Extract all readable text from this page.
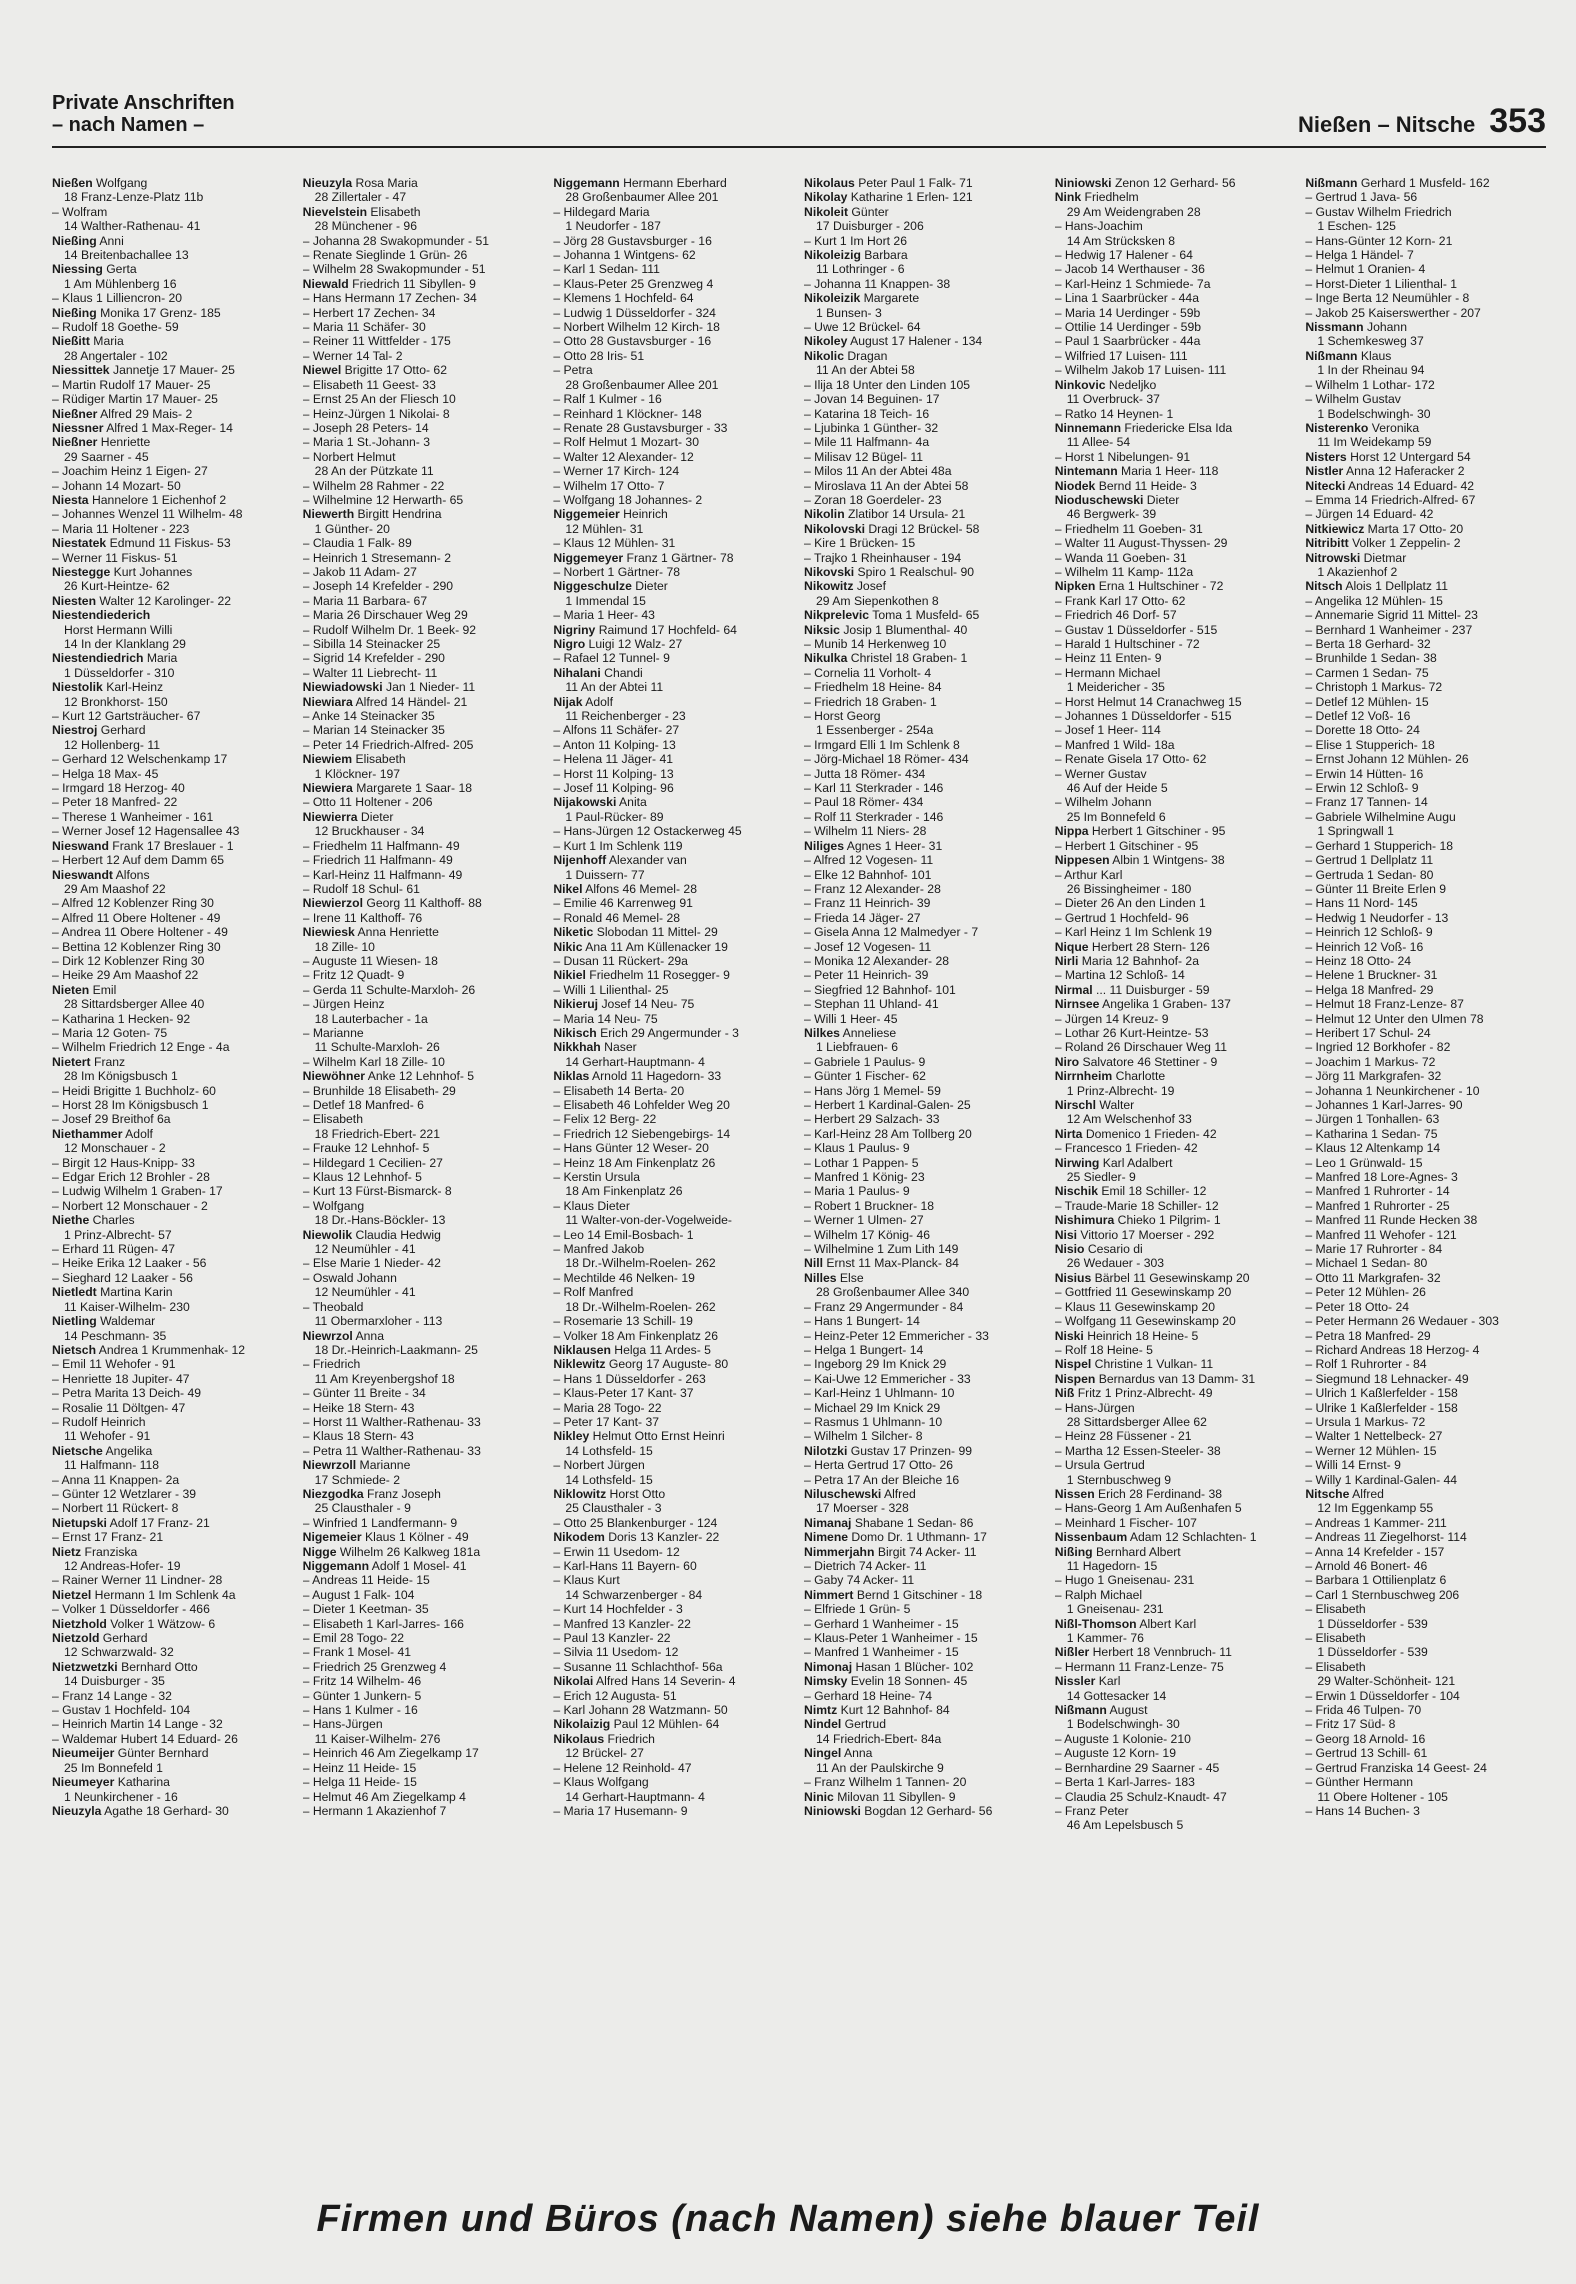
Private Anschriften
– nach Namen –	Nießen – Nitsche 353
Nießen Wolfgang
18 Franz-Lenze-Platz 11b
– Wolfram
14 Walther-Rathenau- 41
Nießing Anni
14 Breitenbachallee 13
Niessing Gerta
1 Am Mühlenberg 16
– Klaus 1 Lilliencron- 20
Nießing Monika 17 Grenz- 185
– Rudolf 18 Goethe- 59
Nießitt Maria
28 Angertaler - 102
Niessittek Jannetje 17 Mauer- 25
– Martin Rudolf 17 Mauer- 25
– Rüdiger Martin 17 Mauer- 25
Nießner Alfred 29 Mais- 2
Niessner Alfred 1 Max-Reger- 14
Nießner Henriette
29 Saarner - 45
– Joachim Heinz 1 Eigen- 27
– Johann 14 Mozart- 50
Niesta Hannelore 1 Eichenhof 2
– Johannes Wenzel 11 Wilhelm- 48
– Maria 11 Holtener - 223
Niestatek Edmund 11 Fiskus- 53
– Werner 11 Fiskus- 51
Niestegge Kurt Johannes
26 Kurt-Heintze- 62
Niesten Walter 12 Karolinger- 22
Niestendiederich
Horst Hermann Willi
14 In der Klanklang 29
Niestendiedrich Maria
1 Düsseldorfer - 310
Niestolik Karl-Heinz
12 Bronkhorst- 150
– Kurt 12 Gartsträucher- 67
Niestroj Gerhard
12 Hollenberg- 11
– Gerhard 12 Welschenkamp 17
– Helga 18 Max- 45
– Irmgard 18 Herzog- 40
– Peter 18 Manfred- 22
– Therese 1 Wanheimer - 161
– Werner Josef 12 Hagensallee 43
Nieswand Frank 17 Breslauer - 1
– Herbert 12 Auf dem Damm 65
Nieswandt Alfons
29 Am Maashof 22
– Alfred 12 Koblenzer Ring 30
– Alfred 11 Obere Holtener - 49
– Andrea 11 Obere Holtener - 49
– Bettina 12 Koblenzer Ring 30
– Dirk 12 Koblenzer Ring 30
– Heike 29 Am Maashof 22
Nieten Emil
28 Sittardsberger Allee 40
– Katharina 1 Hecken- 92
– Maria 12 Goten- 75
– Wilhelm Friedrich 12 Enge - 4a
Nietert Franz
28 Im Königsbusch 1
– Heidi Brigitte 1 Buchholz- 60
– Horst 28 Im Königsbusch 1
– Josef 29 Breithof 6a
Niethammer Adolf
12 Monschauer - 2
– Birgit 12 Haus-Knipp- 33
– Edgar Erich 12 Brohler - 28
– Ludwig Wilhelm 1 Graben- 17
– Norbert 12 Monschauer - 2
Niethe Charles
1 Prinz-Albrecht- 57
– Erhard 11 Rügen- 47
– Heike Erika 12 Laaker - 56
– Sieghard 12 Laaker - 56
Nietledt Martina Karin
11 Kaiser-Wilhelm- 230
Nietling Waldemar
14 Peschmann- 35
Nietsch Andrea 1 Krummenhak- 12
– Emil 11 Wehofer - 91
– Henriette 18 Jupiter- 47
– Petra Marita 13 Deich- 49
– Rosalie 11 Döltgen- 47
– Rudolf Heinrich
11 Wehofer - 91
Nietsche Angelika
11 Halfmann- 118
– Anna 11 Knappen- 2a
– Günter 12 Wetzlarer - 39
– Norbert 11 Rückert- 8
Nietupski Adolf 17 Franz- 21
– Ernst 17 Franz- 21
Nietz Franziska
12 Andreas-Hofer- 19
– Rainer Werner 11 Lindner- 28
Nietzel Hermann 1 Im Schlenk 4a
– Volker 1 Düsseldorfer - 466
Nietzhold Volker 1 Wätzow- 6
Nietzold Gerhard
12 Schwarzwald- 32
Nietzwetzki Bernhard Otto
14 Duisburger - 35
– Franz 14 Lange - 32
– Gustav 1 Hochfeld- 104
– Heinrich Martin 14 Lange - 32
– Waldemar Hubert 14 Eduard- 26
Nieumeijer Günter Bernhard
25 Im Bonnefeld 1
Nieumeyer Katharina
1 Neunkirchener - 16
Nieuzyla Agathe 18 Gerhard- 30
Nieuzyla Rosa Maria
28 Zillertaler - 47
Nievelstein Elisabeth
28 Münchener - 96
– Johanna 28 Swakopmunder - 51
– Renate Sieglinde 1 Grün- 26
– Wilhelm 28 Swakopmunder - 51
Niewald Friedrich 11 Sibyllen- 9
– Hans Hermann 17 Zechen- 34
– Herbert 17 Zechen- 34
– Maria 11 Schäfer- 30
– Reiner 11 Wittfelder - 175
– Werner 14 Tal- 2
Niewel Brigitte 17 Otto- 62
– Elisabeth 11 Geest- 33
– Ernst 25 An der Fliesch 10
– Heinz-Jürgen 1 Nikolai- 8
– Joseph 28 Peters- 14
– Maria 1 St.-Johann- 3
– Norbert Helmut
28 An der Pützkate 11
– Wilhelm 28 Rahmer - 22
– Wilhelmine 12 Herwarth- 65
Niewerth Birgitt Hendrina
1 Günther- 20
– Claudia 1 Falk- 89
– Heinrich 1 Stresemann- 2
– Jakob 11 Adam- 27
– Joseph 14 Krefelder - 290
– Maria 11 Barbara- 67
– Maria 26 Dirschauer Weg 29
– Rudolf Wilhelm Dr. 1 Beek- 92
– Sibilla 14 Steinacker 25
– Sigrid 14 Krefelder - 290
– Walter 11 Liebrecht- 11
Niewiadowski Jan 1 Nieder- 11
Niewiara Alfred 14 Händel- 21
– Anke 14 Steinacker 35
– Marian 14 Steinacker 35
– Peter 14 Friedrich-Alfred- 205
Niewiem Elisabeth
1 Klöckner- 197
Niewiera Margarete 1 Saar- 18
– Otto 11 Holtener - 206
Niewierra Dieter
12 Bruckhauser - 34
– Friedhelm 11 Halfmann- 49
– Friedrich 11 Halfmann- 49
– Karl-Heinz 11 Halfmann- 49
– Rudolf 18 Schul- 61
Niewierzol Georg 11 Kalthoff- 88
– Irene 11 Kalthoff- 76
Niewiesk Anna Henriette
18 Zille- 10
– Auguste 11 Wiesen- 18
– Fritz 12 Quadt- 9
– Gerda 11 Schulte-Marxloh- 26
– Jürgen Heinz
18 Lauterbacher - 1a
– Marianne
11 Schulte-Marxloh- 26
– Wilhelm Karl 18 Zille- 10
Niewöhner Anke 12 Lehnhof- 5
– Brunhilde 18 Elisabeth- 29
– Detlef 18 Manfred- 6
– Elisabeth
18 Friedrich-Ebert- 221
– Frauke 12 Lehnhof- 5
– Hildegard 1 Cecilien- 27
– Klaus 12 Lehnhof- 5
– Kurt 13 Fürst-Bismarck- 8
– Wolfgang
18 Dr.-Hans-Böckler- 13
Niewolik Claudia Hedwig
12 Neumühler - 41
– Else Marie 1 Nieder- 42
– Oswald Johann
12 Neumühler - 41
– Theobald
11 Obermarxloher - 113
Niewrzol Anna
18 Dr.-Heinrich-Laakmann- 25
– Friedrich
11 Am Kreyenbergshof 18
– Günter 11 Breite - 34
– Heike 18 Stern- 43
– Horst 11 Walther-Rathenau- 33
– Klaus 18 Stern- 43
– Petra 11 Walther-Rathenau- 33
Niewrzoll Marianne
17 Schmiede- 2
Niezgodka Franz Joseph
25 Clausthaler - 9
– Winfried 1 Landfermann- 9
Nigemeier Klaus 1 Kölner - 49
Nigge Wilhelm 26 Kalkweg 181a
Niggemann Adolf 1 Mosel- 41
– Andreas 11 Heide- 15
– August 1 Falk- 104
– Dieter 1 Keetman- 35
– Elisabeth 1 Karl-Jarres- 166
– Emil 28 Togo- 22
– Frank 1 Mosel- 41
– Friedrich 25 Grenzweg 4
– Fritz 14 Wilhelm- 46
– Günter 1 Junkern- 5
– Hans 1 Kulmer - 16
– Hans-Jürgen
11 Kaiser-Wilhelm- 276
– Heinrich 46 Am Ziegelkamp 17
– Heinz 11 Heide- 15
– Helga 11 Heide- 15
– Helmut 46 Am Ziegelkamp 4
– Hermann 1 Akazienhof 7
Niggemann Hermann Eberhard
28 Großenbaumer Allee 201
– Hildegard Maria
1 Neudorfer - 187
– Jörg 28 Gustavsburger - 16
– Johanna 1 Wintgens- 62
– Karl 1 Sedan- 111
– Klaus-Peter 25 Grenzweg 4
– Klemens 1 Hochfeld- 64
– Ludwig 1 Düsseldorfer - 324
– Norbert Wilhelm 12 Kirch- 18
– Otto 28 Gustavsburger - 16
– Otto 28 Iris- 51
– Petra
28 Großenbaumer Allee 201
– Ralf 1 Kulmer - 16
– Reinhard 1 Klöckner- 148
– Renate 28 Gustavsburger - 33
– Rolf Helmut 1 Mozart- 30
– Walter 12 Alexander- 12
– Werner 17 Kirch- 124
– Wilhelm 17 Otto- 7
– Wolfgang 18 Johannes- 2
Niggemeier Heinrich
12 Mühlen- 31
– Klaus 12 Mühlen- 31
Niggemeyer Franz 1 Gärtner- 78
– Norbert 1 Gärtner- 78
Niggeschulze Dieter
1 Immendal 15
– Maria 1 Heer- 43
Nigriny Raimund 17 Hochfeld- 64
Nigro Luigi 12 Walz- 27
– Rafael 12 Tunnel- 9
Nihalani Chandi
11 An der Abtei 11
Nijak Adolf
11 Reichenberger - 23
– Alfons 11 Schäfer- 27
– Anton 11 Kolping- 13
– Helena 11 Jäger- 41
– Horst 11 Kolping- 13
– Josef 11 Kolping- 96
Nijakowski Anita
1 Paul-Rücker- 89
– Hans-Jürgen 12 Ostackerweg 45
– Kurt 1 Im Schlenk 119
Nijenhoff Alexander van
1 Duissern- 77
Nikel Alfons 46 Memel- 28
– Emilie 46 Karrenweg 91
– Ronald 46 Memel- 28
Niketic Slobodan 11 Mittel- 29
Nikic Ana 11 Am Küllenacker 19
– Dusan 11 Rückert- 29a
Nikiel Friedhelm 11 Rosegger- 9
– Willi 1 Lilienthal- 25
Nikieruj Josef 14 Neu- 75
– Maria 14 Neu- 75
Nikisch Erich 29 Angermunder - 3
Nikkhah Naser
14 Gerhart-Hauptmann- 4
Niklas Arnold 11 Hagedorn- 33
– Elisabeth 14 Berta- 20
– Elisabeth 46 Lohfelder Weg 20
– Felix 12 Berg- 22
– Friedrich 12 Siebengebirgs- 14
– Hans Günter 12 Weser- 20
– Heinz 18 Am Finkenplatz 26
– Kerstin Ursula
18 Am Finkenplatz 26
– Klaus Dieter
11 Walter-von-der-Vogelweide-
– Leo 14 Emil-Bosbach- 1
– Manfred Jakob
18 Dr.-Wilhelm-Roelen- 262
– Mechtilde 46 Nelken- 19
– Rolf Manfred
18 Dr.-Wilhelm-Roelen- 262
– Rosemarie 13 Schill- 19
– Volker 18 Am Finkenplatz 26
Niklausen Helga 11 Ardes- 5
Niklewitz Georg 17 Auguste- 80
– Hans 1 Düsseldorfer - 263
– Klaus-Peter 17 Kant- 37
– Maria 28 Togo- 22
– Peter 17 Kant- 37
Nikley Helmut Otto Ernst Heinri
14 Lothsfeld- 15
– Norbert Jürgen
14 Lothsfeld- 15
Niklowitz Horst Otto
25 Clausthaler - 3
– Otto 25 Blankenburger - 124
Nikodem Doris 13 Kanzler- 22
– Erwin 11 Usedom- 12
– Karl-Hans 11 Bayern- 60
– Klaus Kurt
14 Schwarzenberger - 84
– Kurt 14 Hochfelder - 3
– Manfred 13 Kanzler- 22
– Paul 13 Kanzler- 22
– Silvia 11 Usedom- 12
– Susanne 11 Schlachthof- 56a
Nikolai Alfred Hans 14 Severin- 4
– Erich 12 Augusta- 51
– Karl Johann 28 Watzmann- 50
Nikolaizig Paul 12 Mühlen- 64
Nikolaus Friedrich
12 Brückel- 27
– Helene 12 Reinhold- 47
– Klaus Wolfgang
14 Gerhart-Hauptmann- 4
– Maria 17 Husemann- 9
Nikolaus Peter Paul 1 Falk- 71
Nikolay Katharine 1 Erlen- 121
Nikoleit Günter
17 Duisburger - 206
– Kurt 1 Im Hort 26
Nikoleizig Barbara
11 Lothringer - 6
– Johanna 11 Knappen- 38
Nikoleizik Margarete
1 Bunsen- 3
– Uwe 12 Brückel- 64
Nikoley August 17 Halener - 134
Nikolic Dragan
11 An der Abtei 58
– Ilija 18 Unter den Linden 105
– Jovan 14 Beguinen- 17
– Katarina 18 Teich- 16
– Ljubinka 1 Günther- 32
– Mile 11 Halfmann- 4a
– Milisav 12 Bügel- 11
– Milos 11 An der Abtei 48a
– Miroslava 11 An der Abtei 58
– Zoran 18 Goerdeler- 23
Nikolin Zlatibor 14 Ursula- 21
Nikolovski Dragi 12 Brückel- 58
– Kire 1 Brücken- 15
– Trajko 1 Rheinhauser - 194
Nikovski Spiro 1 Realschul- 90
Nikowitz Josef
29 Am Siepenkothen 8
Nikprelevic Toma 1 Musfeld- 65
Niksic Josip 1 Blumenthal- 40
– Munib 14 Herkenweg 10
Nikulka Christel 18 Graben- 1
– Cornelia 11 Vorholt- 4
– Friedhelm 18 Heine- 84
– Friedrich 18 Graben- 1
– Horst Georg
1 Essenberger - 254a
– Irmgard Elli 1 Im Schlenk 8
– Jörg-Michael 18 Römer- 434
– Jutta 18 Römer- 434
– Karl 11 Sterkrader - 146
– Paul 18 Römer- 434
– Rolf 11 Sterkrader - 146
– Wilhelm 11 Niers- 28
Niliges Agnes 1 Heer- 31
– Alfred 12 Vogesen- 11
– Elke 12 Bahnhof- 101
– Franz 12 Alexander- 28
– Franz 11 Heinrich- 39
– Frieda 14 Jäger- 27
– Gisela Anna 12 Malmedyer - 7
– Josef 12 Vogesen- 11
– Monika 12 Alexander- 28
– Peter 11 Heinrich- 39
– Siegfried 12 Bahnhof- 101
– Stephan 11 Uhland- 41
– Willi 1 Heer- 45
Nilkes Anneliese
1 Liebfrauen- 6
– Gabriele 1 Paulus- 9
– Günter 1 Fischer- 62
– Hans Jörg 1 Memel- 59
– Herbert 1 Kardinal-Galen- 25
– Herbert 29 Salzach- 33
– Karl-Heinz 28 Am Tollberg 20
– Klaus 1 Paulus- 9
– Lothar 1 Pappen- 5
– Manfred 1 König- 23
– Maria 1 Paulus- 9
– Robert 1 Bruckner- 18
– Werner 1 Ulmen- 27
– Wilhelm 17 König- 46
– Wilhelmine 1 Zum Lith 149
Nill Ernst 11 Max-Planck- 84
Nilles Else
28 Großenbaumer Allee 340
– Franz 29 Angermunder - 84
– Hans 1 Bungert- 14
– Heinz-Peter 12 Emmericher - 33
– Helga 1 Bungert- 14
– Ingeborg 29 Im Knick 29
– Kai-Uwe 12 Emmericher - 33
– Karl-Heinz 1 Uhlmann- 10
– Michael 29 Im Knick 29
– Rasmus 1 Uhlmann- 10
– Wilhelm 1 Silcher- 8
Nilotzki Gustav 17 Prinzen- 99
– Herta Gertrud 17 Otto- 26
– Petra 17 An der Bleiche 16
Niluschewski Alfred
17 Moerser - 328
Nimanaj Shabane 1 Sedan- 86
Nimene Domo Dr. 1 Uthmann- 17
Nimmerjahn Birgit 74 Acker- 11
– Dietrich 74 Acker- 11
– Gaby 74 Acker- 11
Nimmert Bernd 1 Gitschiner - 18
– Elfriede 1 Grün- 5
– Gerhard 1 Wanheimer - 15
– Klaus-Peter 1 Wanheimer - 15
– Manfred 1 Wanheimer - 15
Nimonaj Hasan 1 Blücher- 102
Nimsky Evelin 18 Sonnen- 45
– Gerhard 18 Heine- 74
Nimtz Kurt 12 Bahnhof- 84
Nindel Gertrud
14 Friedrich-Ebert- 84a
Ningel Anna
11 An der Paulskirche 9
– Franz Wilhelm 1 Tannen- 20
Ninic Milovan 11 Sibyllen- 9
Niniowski Bogdan 12 Gerhard- 56
Niniowski Zenon 12 Gerhard- 56
Nink Friedhelm
29 Am Weidengraben 28
– Hans-Joachim
14 Am Strücksken 8
– Hedwig 17 Halener - 64
– Jacob 14 Werthauser - 36
– Karl-Heinz 1 Schmiede- 7a
– Lina 1 Saarbrücker - 44a
– Maria 14 Uerdinger - 59b
– Ottilie 14 Uerdinger - 59b
– Paul 1 Saarbrücker - 44a
– Wilfried 17 Luisen- 111
– Wilhelm Jakob 17 Luisen- 111
Ninkovic Nedeljko
11 Overbruck- 37
– Ratko 14 Heynen- 1
Ninnemann Friedericke Elsa Ida
11 Allee- 54
– Horst 1 Nibelungen- 91
Nintemann Maria 1 Heer- 118
Niodek Bernd 11 Heide- 3
Nioduschewski Dieter
46 Bergwerk- 39
– Friedhelm 11 Goeben- 31
– Walter 11 August-Thyssen- 29
– Wanda 11 Goeben- 31
– Wilhelm 11 Kamp- 112a
Nipken Erna 1 Hultschiner - 72
– Frank Karl 17 Otto- 62
– Friedrich 46 Dorf- 57
– Gustav 1 Düsseldorfer - 515
– Harald 1 Hultschiner - 72
– Heinz 11 Enten- 9
– Hermann Michael
1 Meidericher - 35
– Horst Helmut 14 Cranachweg 15
– Johannes 1 Düsseldorfer - 515
– Josef 1 Heer- 114
– Manfred 1 Wild- 18a
– Renate Gisela 17 Otto- 62
– Werner Gustav
46 Auf der Heide 5
– Wilhelm Johann
25 Im Bonnefeld 6
Nippa Herbert 1 Gitschiner - 95
– Herbert 1 Gitschiner - 95
Nippesen Albin 1 Wintgens- 38
– Arthur Karl
26 Bissingheimer - 180
– Dieter 26 An den Linden 1
– Gertrud 1 Hochfeld- 96
– Karl Heinz 1 Im Schlenk 19
Nique Herbert 28 Stern- 126
Nirli Maria 12 Bahnhof- 2a
– Martina 12 Schloß- 14
Nirmal ... 11 Duisburger - 59
Nirnsee Angelika 1 Graben- 137
– Jürgen 14 Kreuz- 9
– Lothar 26 Kurt-Heintze- 53
– Roland 26 Dirschauer Weg 11
Niro Salvatore 46 Stettiner - 9
Nirrnheim Charlotte
1 Prinz-Albrecht- 19
Nirschl Walter
12 Am Welschenhof 33
Nirta Domenico 1 Frieden- 42
– Francesco 1 Frieden- 42
Nirwing Karl Adalbert
25 Siedler- 9
Nischik Emil 18 Schiller- 12
– Traude-Marie 18 Schiller- 12
Nishimura Chieko 1 Pilgrim- 1
Nisi Vittorio 17 Moerser - 292
Nisio Cesario di
26 Wedauer - 303
Nisius Bärbel 11 Gesewinskamp 20
– Gottfried 11 Gesewinskamp 20
– Klaus 11 Gesewinskamp 20
– Wolfgang 11 Gesewinskamp 20
Niski Heinrich 18 Heine- 5
– Rolf 18 Heine- 5
Nispel Christine 1 Vulkan- 11
Nispen Bernardus van 13 Damm- 31
Niß Fritz 1 Prinz-Albrecht- 49
– Hans-Jürgen
28 Sittardsberger Allee 62
– Heinz 28 Füssener - 21
– Martha 12 Essen-Steeler- 38
– Ursula Gertrud
1 Sternbuschweg 9
Nissen Erich 28 Ferdinand- 38
– Hans-Georg 1 Am Außenhafen 5
– Meinhard 1 Fischer- 107
Nissenbaum Adam 12 Schlachten- 1
Nißing Bernhard Albert
11 Hagedorn- 15
– Hugo 1 Gneisenau- 231
– Ralph Michael
1 Gneisenau- 231
Nißl-Thomson Albert Karl
1 Kammer- 76
Nißler Herbert 18 Vennbruch- 11
– Hermann 11 Franz-Lenze- 75
Nissler Karl
14 Gottesacker 14
Nißmann August
1 Bodelschwingh- 30
– Auguste 1 Kolonie- 210
– Auguste 12 Korn- 19
– Bernhardine 29 Saarner - 45
– Berta 1 Karl-Jarres- 183
– Claudia 25 Schulz-Knaudt- 47
– Franz Peter
46 Am Lepelsbusch 5
Nißmann Gerhard 1 Musfeld- 162
– Gertrud 1 Java- 56
– Gustav Wilhelm Friedrich
1 Eschen- 125
– Hans-Günter 12 Korn- 21
– Helga 1 Händel- 7
– Helmut 1 Oranien- 4
– Horst-Dieter 1 Lilienthal- 1
– Inge Berta 12 Neumühler - 8
– Jakob 25 Kaiserswerther - 207
Nissmann Johann
1 Schemkesweg 37
Nißmann Klaus
1 In der Rheinau 94
– Wilhelm 1 Lothar- 172
– Wilhelm Gustav
1 Bodelschwingh- 30
Nisterenko Veronika
11 Im Weidekamp 59
Nisters Horst 12 Untergard 54
Nistler Anna 12 Haferacker 2
Nitecki Andreas 14 Eduard- 42
– Emma 14 Friedrich-Alfred- 67
– Jürgen 14 Eduard- 42
Nitkiewicz Marta 17 Otto- 20
Nitribitt Volker 1 Zeppelin- 2
Nitrowski Dietmar
1 Akazienhof 2
Nitsch Alois 1 Dellplatz 11
– Angelika 12 Mühlen- 15
– Annemarie Sigrid 11 Mittel- 23
– Bernhard 1 Wanheimer - 237
– Berta 18 Gerhard- 32
– Brunhilde 1 Sedan- 38
– Carmen 1 Sedan- 75
– Christoph 1 Markus- 72
– Detlef 12 Mühlen- 15
– Detlef 12 Voß- 16
– Dorette 18 Otto- 24
– Elise 1 Stupperich- 18
– Ernst Johann 12 Mühlen- 26
– Erwin 14 Hütten- 16
– Erwin 12 Schloß- 9
– Franz 17 Tannen- 14
– Gabriele Wilhelmine Augu
1 Springwall 1
– Gerhard 1 Stupperich- 18
– Gertrud 1 Dellplatz 11
– Gertruda 1 Sedan- 80
– Günter 11 Breite Erlen 9
– Hans 11 Nord- 145
– Hedwig 1 Neudorfer - 13
– Heinrich 12 Schloß- 9
– Heinrich 12 Voß- 16
– Heinz 18 Otto- 24
– Helene 1 Bruckner- 31
– Helga 18 Manfred- 29
– Helmut 18 Franz-Lenze- 87
– Helmut 12 Unter den Ulmen 78
– Heribert 17 Schul- 24
– Ingried 12 Borkhofer - 82
– Joachim 1 Markus- 72
– Jörg 11 Markgrafen- 32
– Johanna 1 Neunkirchener - 10
– Johannes 1 Karl-Jarres- 90
– Jürgen 1 Tonhallen- 63
– Katharina 1 Sedan- 75
– Klaus 12 Altenkamp 14
– Leo 1 Grünwald- 15
– Manfred 18 Lore-Agnes- 3
– Manfred 1 Ruhrorter - 14
– Manfred 1 Ruhrorter - 25
– Manfred 11 Runde Hecken 38
– Manfred 11 Wehofer - 121
– Marie 17 Ruhrorter - 84
– Michael 1 Sedan- 80
– Otto 11 Markgrafen- 32
– Peter 12 Mühlen- 26
– Peter 18 Otto- 24
– Peter Hermann 26 Wedauer - 303
– Petra 18 Manfred- 29
– Richard Andreas 18 Herzog- 4
– Rolf 1 Ruhrorter - 84
– Siegmund 18 Lehnacker- 49
– Ulrich 1 Kaßlerfelder - 158
– Ulrike 1 Kaßlerfelder - 158
– Ursula 1 Markus- 72
– Walter 1 Nettelbeck- 27
– Werner 12 Mühlen- 15
– Willi 14 Ernst- 9
– Willy 1 Kardinal-Galen- 44
Nitsche Alfred
12 Im Eggenkamp 55
– Andreas 1 Kammer- 211
– Andreas 11 Ziegelhorst- 114
– Anna 14 Krefelder - 157
– Arnold 46 Bonert- 46
– Barbara 1 Ottilienplatz 6
– Carl 1 Sternbuschweg 206
– Elisabeth
1 Düsseldorfer - 539
– Elisabeth
1 Düsseldorfer - 539
– Elisabeth
29 Walter-Schönheit- 121
– Erwin 1 Düsseldorfer - 104
– Frida 46 Tulpen- 70
– Fritz 17 Süd- 8
– Georg 18 Arnold- 16
– Gertrud 13 Schill- 61
– Gertrud Franziska 14 Geest- 24
– Günther Hermann
11 Obere Holtener - 105
– Hans 14 Buchen- 3
Firmen und Büros (nach Namen) siehe blauer Teil
